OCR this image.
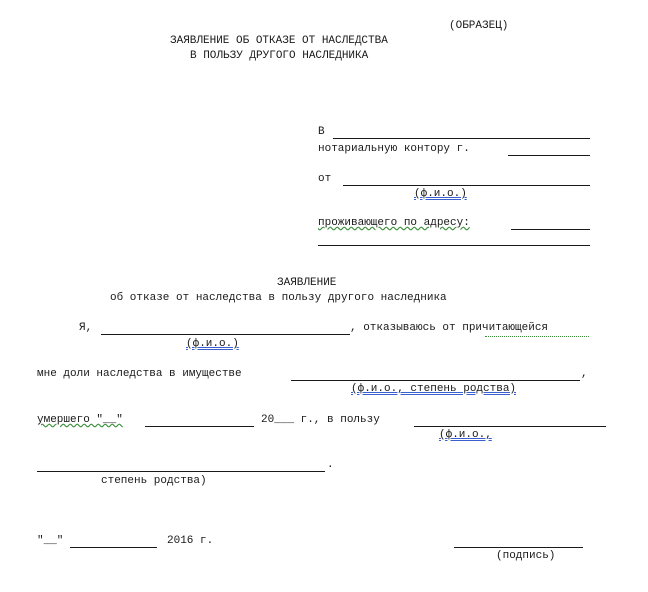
(ОБРАЗЕЦ)
ЗАЯВЛЕНИЕ ОБ ОТКАЗЕ ОТ НАСЛЕДСТВА
В ПОЛЬЗУ ДРУГОГО НАСЛЕДНИКА
В
нотариальную контору г.
от
(ф.и.о.)
проживающего по адресу:
ЗАЯВЛЕНИЕ
об отказе от наследства в пользу другого наследника
Я,	, отказываюсь от причитающейся
(ф.и.о.)
мне доли наследства в имуществе	,
(ф.и.о., степень родства)
умершего "__"	20___ г., в пользу
(ф.и.о.,
.
степень родства)
"__"	2016 г.
(подпись)
